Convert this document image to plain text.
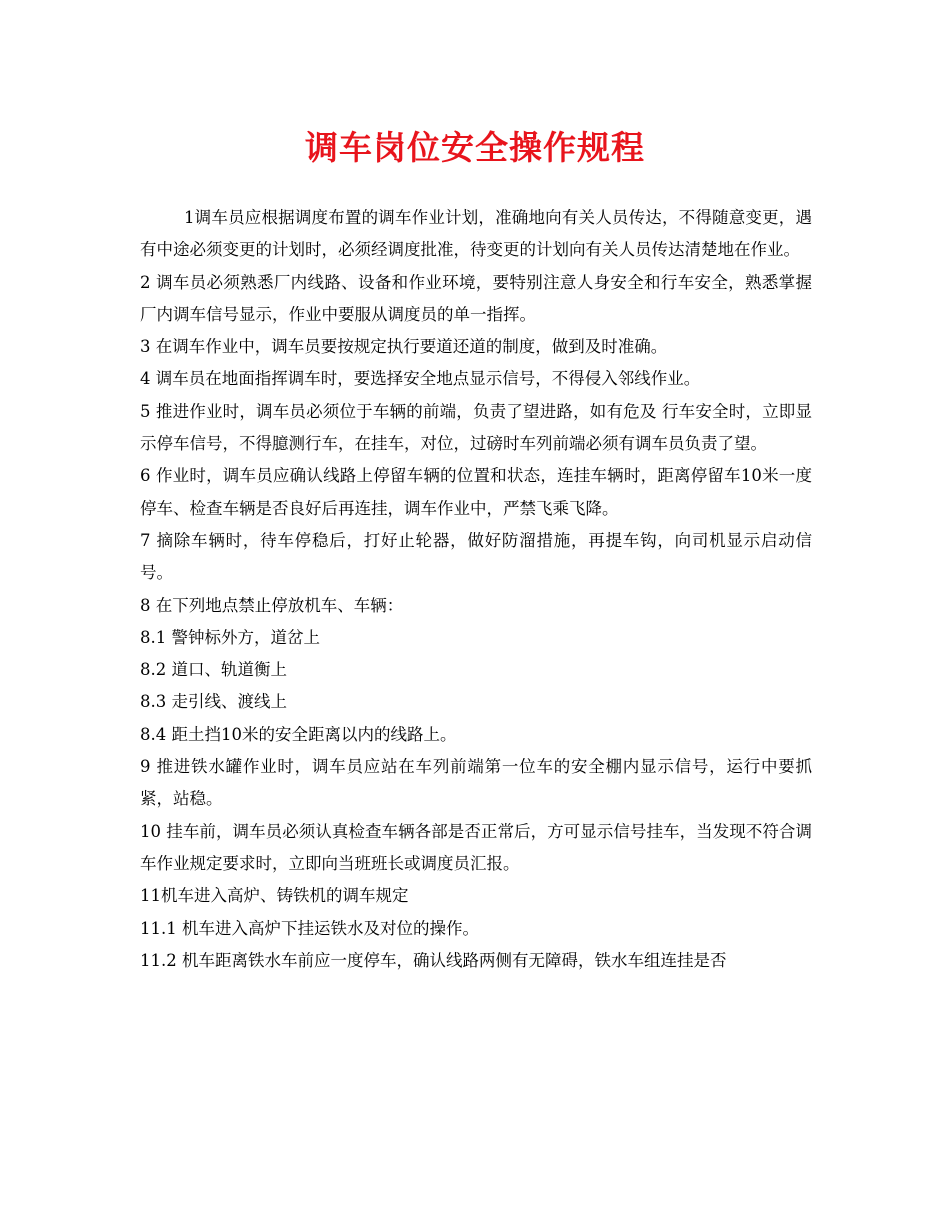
调车岗位安全操作规程

1调车员应根据调度布置的调车作业计划，准确地向有关人员传达，不得随意变更，遇有中途必须变更的计划时，必须经调度批准，待变更的计划向有关人员传达清楚地在作业。

2 调车员必须熟悉厂内线路、设备和作业环境，要特别注意人身安全和行车安全，熟悉掌握厂内调车信号显示，作业中要服从调度员的单一指挥。

3 在调车作业中，调车员要按规定执行要道还道的制度，做到及时准确。

4 调车员在地面指挥调车时，要选择安全地点显示信号，不得侵入邻线作业。

5 推进作业时，调车员必须位于车辆的前端，负责了望进路，如有危及 行车安全时，立即显示停车信号，不得臆测行车，在挂车，对位，过磅时车列前端必须有调车员负责了望。

6 作业时，调车员应确认线路上停留车辆的位置和状态，连挂车辆时，距离停留车10米一度停车、检查车辆是否良好后再连挂，调车作业中，严禁飞乘飞降。

7 摘除车辆时，待车停稳后，打好止轮器，做好防溜措施，再提车钩，向司机显示启动信号。

8 在下列地点禁止停放机车、车辆：

8.1 警钟标外方，道岔上

8.2 道口、轨道衡上

8.3 走引线、渡线上

8.4 距土挡10米的安全距离以内的线路上。

9 推进铁水罐作业时，调车员应站在车列前端第一位车的安全棚内显示信号，运行中要抓紧，站稳。

10 挂车前，调车员必须认真检查车辆各部是否正常后，方可显示信号挂车，当发现不符合调车作业规定要求时，立即向当班班长或调度员汇报。

11机车进入高炉、铸铁机的调车规定

11.1 机车进入高炉下挂运铁水及对位的操作。

11.2 机车距离铁水车前应一度停车，确认线路两侧有无障碍，铁水车组连挂是否
